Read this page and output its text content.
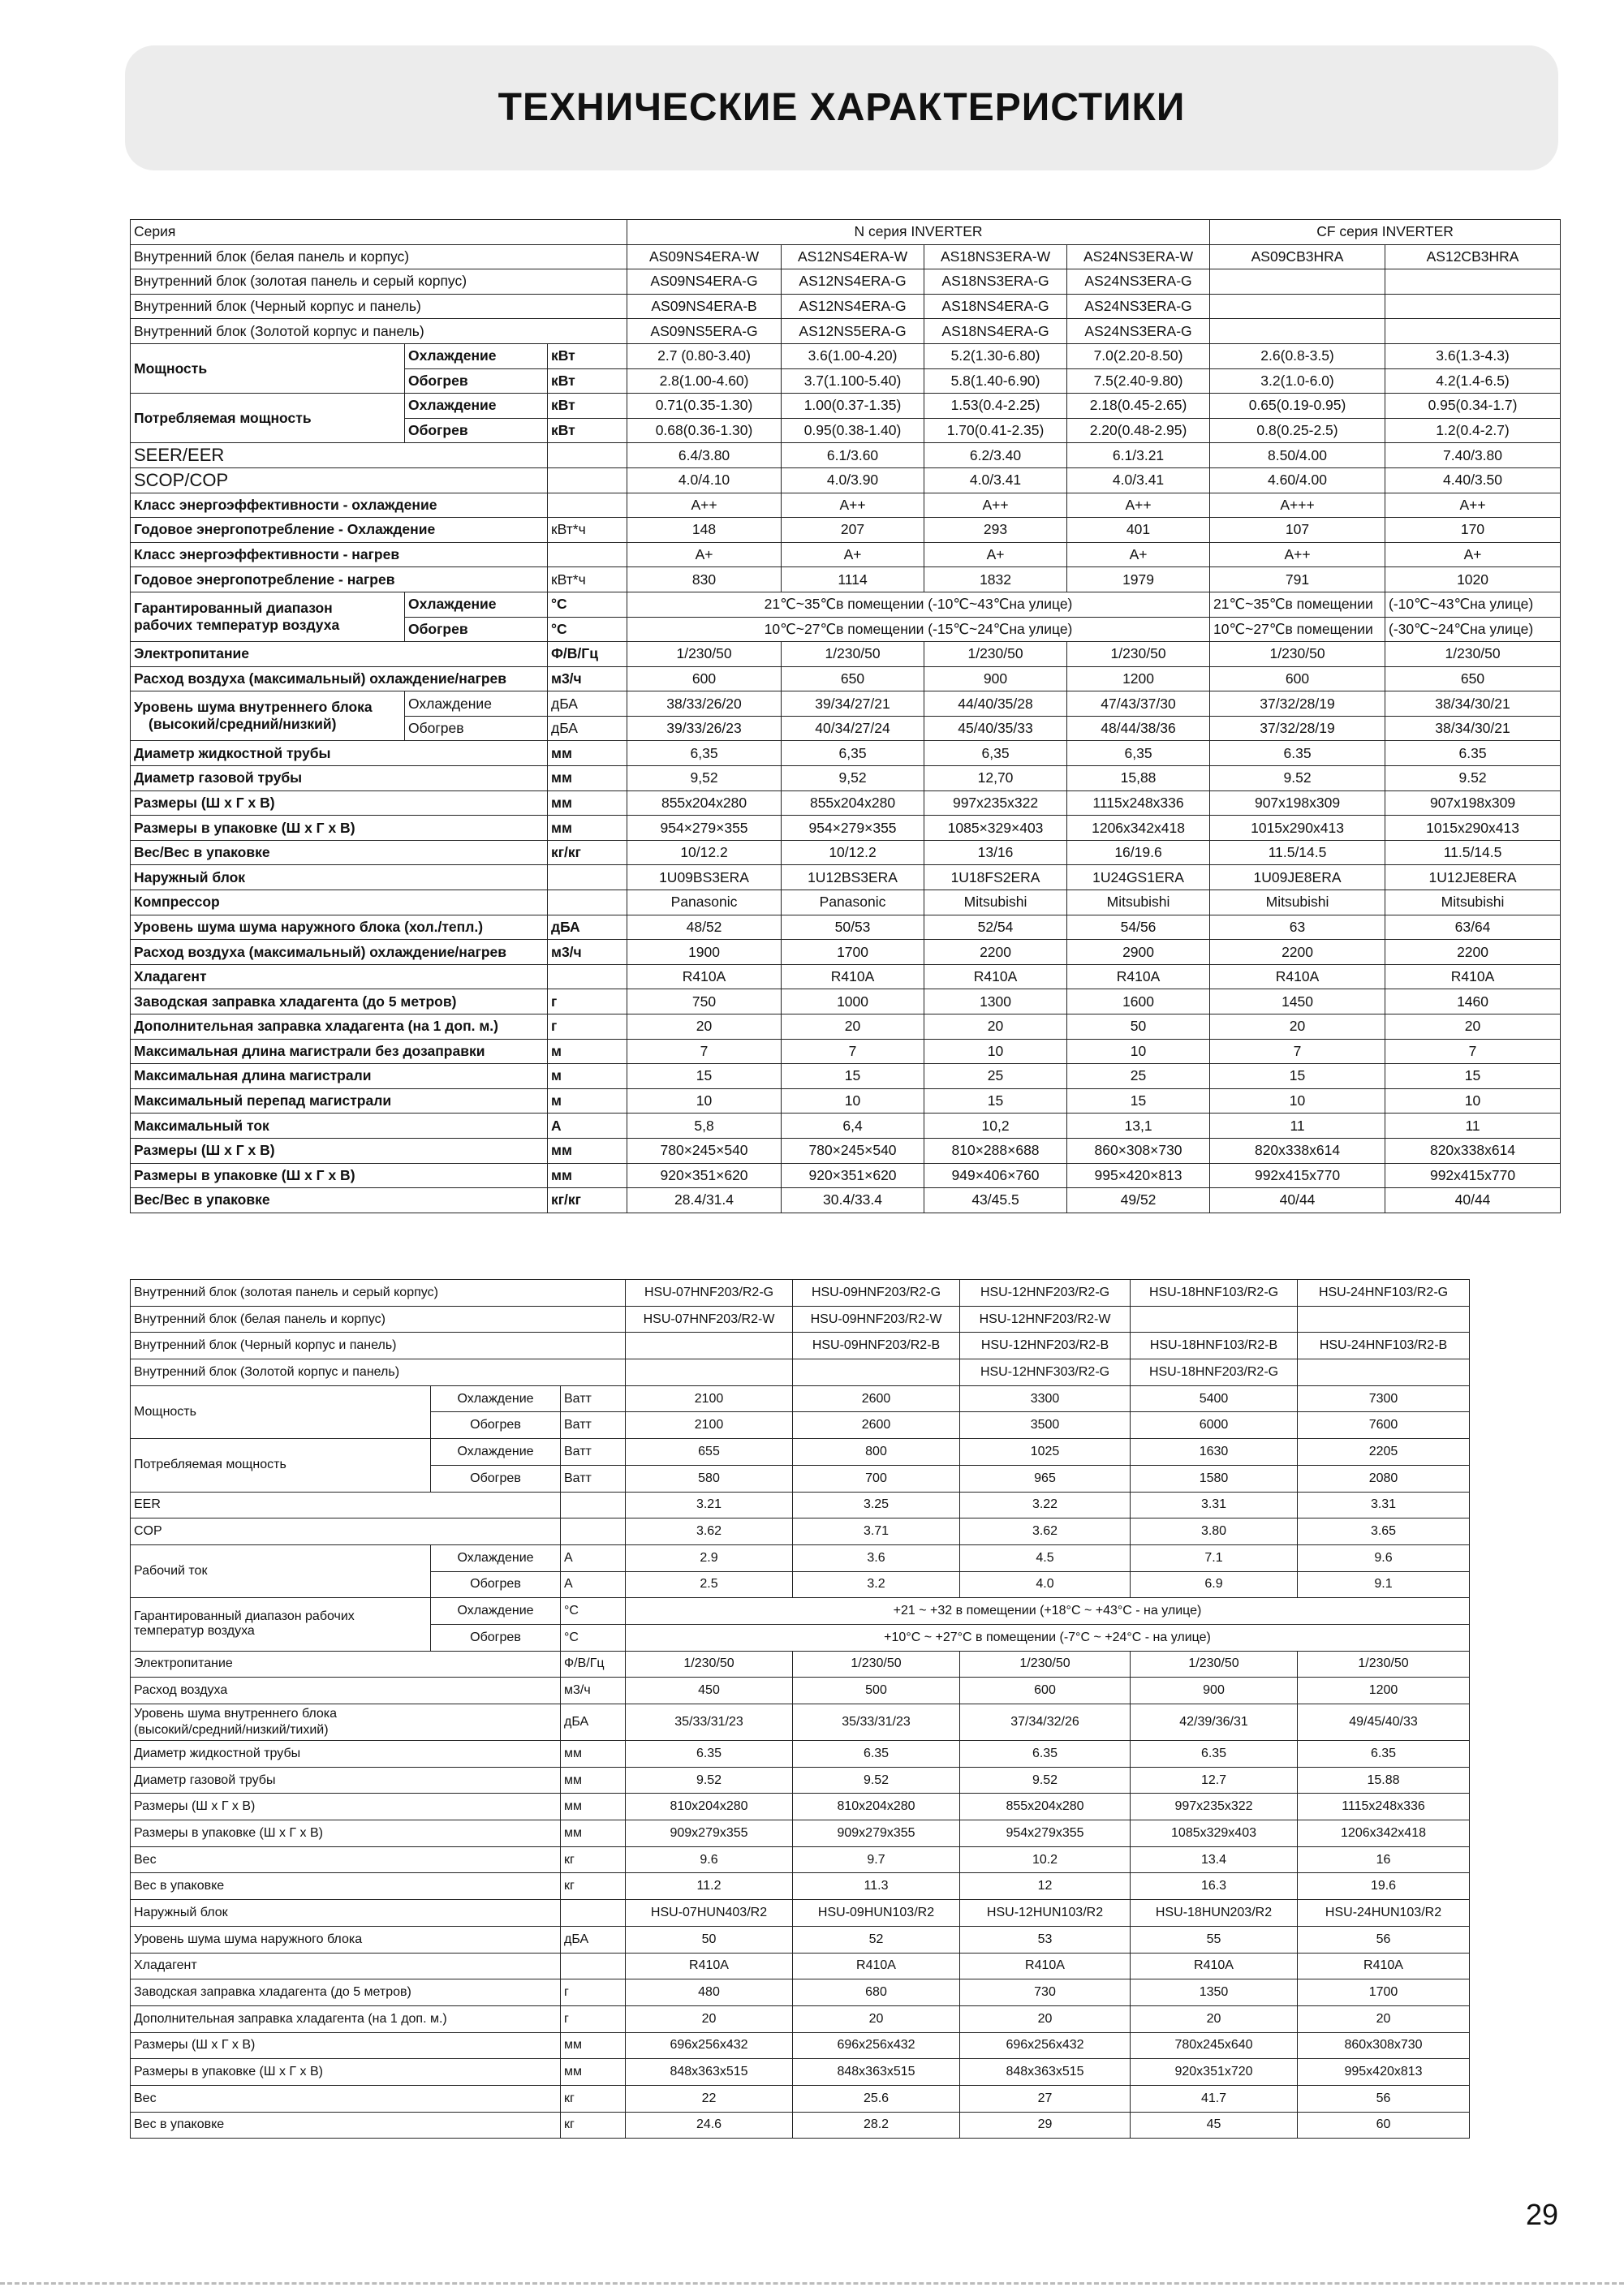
ТЕХНИЧЕСКИЕ ХАРАКТЕРИСТИКИ
Серия			N серия INVERTER				CF серия INVERTER	
Внутренний блок (белая панель и корпус)			AS09NS4ERA-W	AS12NS4ERA-W	AS18NS3ERA-W	AS24NS3ERA-W	AS09CB3HRA	AS12CB3HRA
Внутренний блок (золотая панель и серый корпус)			AS09NS4ERA-G	AS12NS4ERA-G	AS18NS3ERA-G	AS24NS3ERA-G		
Внутренний блок (Черный корпус и панель)			AS09NS4ERA-B	AS12NS4ERA-G	AS18NS4ERA-G	AS24NS3ERA-G		
Внутренний блок (Золотой корпус и панель)			AS09NS5ERA-G	AS12NS5ERA-G	AS18NS4ERA-G	AS24NS3ERA-G		
Мощность	Охлаждение	кВт	2.7 (0.80-3.40)	3.6(1.00-4.20)	5.2(1.30-6.80)	7.0(2.20-8.50)	2.6(0.8-3.5)	3.6(1.3-4.3)
	Обогрев	кВт	2.8(1.00-4.60)	3.7(1.100-5.40)	5.8(1.40-6.90)	7.5(2.40-9.80)	3.2(1.0-6.0)	4.2(1.4-6.5)
Потребляемая мощность	Охлаждение	кВт	0.71(0.35-1.30)	1.00(0.37-1.35)	1.53(0.4-2.25)	2.18(0.45-2.65)	0.65(0.19-0.95)	0.95(0.34-1.7)
	Обогрев	кВт	0.68(0.36-1.30)	0.95(0.38-1.40)	1.70(0.41-2.35)	2.20(0.48-2.95)	0.8(0.25-2.5)	1.2(0.4-2.7)
SEER/EER			6.4/3.80	6.1/3.60	6.2/3.40	6.1/3.21	8.50/4.00	7.40/3.80
SCOP/COP			4.0/4.10	4.0/3.90	4.0/3.41	4.0/3.41	4.60/4.00	4.40/3.50
Класс энергоэффективности - охлаждение			A++	A++	A++	A++	A+++	A++
Годовое энергопотребление - Охлаждение		кВт*ч	148	207	293	401	107	170
Класс энергоэффективности - нагрев			A+	A+	A+	A+	A++	A+
Годовое энергопотребление - нагрев		кВт*ч	830	1114	1832	1979	791	1020

Гарантированный диапазон
рабочих температур воздуха	Охлаждение	°C	21℃~35℃в помещении (-10℃~43℃на улице)				21℃~35℃в помещении	(-10℃~43℃на улице)
	Обогрев	°C	10℃~27℃в помещении (-15℃~24℃на улице)				10℃~27℃в помещении	(-30℃~24℃на улице)
Электропитание		Ф/В/Гц	1/230/50	1/230/50	1/230/50	1/230/50	1/230/50	1/230/50
Расход воздуха (максимальный) охлаждение/нагрев		м3/ч	600	650	900	1200	600	650

Уровень шума внутреннего блока
(высокий/средний/низкий)	Охлаждение	дБА	38/33/26/20	39/34/27/21	44/40/35/28	47/43/37/30	37/32/28/19	38/34/30/21
	Обогрев	дБА	39/33/26/23	40/34/27/24	45/40/35/33	48/44/38/36	37/32/28/19	38/34/30/21
Диаметр жидкостной трубы		мм	6,35	6,35	6,35	6,35	6.35	6.35
Диаметр газовой трубы		мм	9,52	9,52	12,70	15,88	9.52	9.52
Размеры (Ш х Г х В)		мм	855х204х280	855х204х280	997х235х322	1115х248х336	907x198x309	907x198x309
Размеры в упаковке (Ш х Г х В)		мм	954×279×355	954×279×355	1085×329×403	1206х342х418	1015x290x413	1015x290x413
Вес/Вес в упаковке		кг/кг	10/12.2	10/12.2	13/16	16/19.6	11.5/14.5	11.5/14.5
Наружный блок			1U09BS3ERA	1U12BS3ERA	1U18FS2ERA	1U24GS1ERA	1U09JE8ERA	1U12JE8ERA
Компрессор			Panasonic	Panasonic	Mitsubishi	Mitsubishi	Mitsubishi	Mitsubishi
Уровень шума шума наружного блока (хол./тепл.)		дБА	48/52	50/53	52/54	54/56	63	63/64
Расход воздуха (максимальный) охлаждение/нагрев		м3/ч	1900	1700	2200	2900	2200	2200
Хладагент			R410A	R410A	R410A	R410A	R410A	R410A
Заводская заправка хладагента (до 5 метров)		г	750	1000	1300	1600	1450	1460
Дополнительная заправка хладагента (на 1 доп. м.)		г	20	20	20	50	20	20
Максимальная длина магистрали без дозаправки		м	7	7	10	10	7	7
Максимальная длина магистрали		м	15	15	25	25	15	15
Максимальный перепад магистрали		м	10	10	15	15	10	10
Максимальный ток		А	5,8	6,4	10,2	13,1	11	11
Размеры (Ш х Г х В)		мм	780×245×540	780×245×540	810×288×688	860×308×730	820x338x614	820x338x614
Размеры в упаковке (Ш х Г х В)		мм	920×351×620	920×351×620	949×406×760	995×420×813	992x415x770	992x415x770
Вес/Вес в упаковке		кг/кг	28.4/31.4	30.4/33.4	43/45.5	49/52	40/44	40/44
Внутренний блок (золотая панель и серый корпус)			HSU-07HNF203/R2-G	HSU-09HNF203/R2-G	HSU-12HNF203/R2-G	HSU-18HNF103/R2-G	HSU-24HNF103/R2-G
Внутренний блок (белая панель и корпус)			HSU-07HNF203/R2-W	HSU-09HNF203/R2-W	HSU-12HNF203/R2-W		
Внутренний блок (Черный корпус и панель)				HSU-09HNF203/R2-B	HSU-12HNF203/R2-B	HSU-18HNF103/R2-B	HSU-24HNF103/R2-B
Внутренний блок (Золотой корпус и панель)					HSU-12HNF303/R2-G	HSU-18HNF203/R2-G	
Мощность	Охлаждение	Ватт	2100	2600	3300	5400	7300
	Обогрев	Ватт	2100	2600	3500	6000	7600
Потребляемая мощность	Охлаждение	Ватт	655	800	1025	1630	2205
	Обогрев	Ватт	580	700	965	1580	2080
EER			3.21	3.25	3.22	3.31	3.31
COP			3.62	3.71	3.62	3.80	3.65
Рабочий ток	Охлаждение	А	2.9	3.6	4.5	7.1	9.6
	Обогрев	А	2.5	3.2	4.0	6.9	9.1

Гарантированный диапазон рабочих
температур воздуха	Охлаждение	°C	+21 ~ +32 в помещении (+18°С ~ +43°С - на улице)				
	Обогрев	°C	+10°С ~ +27°С в помещении (-7°С ~ +24°С - на улице)				
Электропитание		Ф/В/Гц	1/230/50	1/230/50	1/230/50	1/230/50	1/230/50
Расход воздуха		м3/ч	450	500	600	900	1200

Уровень шума внутреннего блока
(высокий/средний/низкий/тихий)		дБА	35/33/31/23	35/33/31/23	37/34/32/26	42/39/36/31	49/45/40/33
Диаметр жидкостной трубы		мм	6.35	6.35	6.35	6.35	6.35
Диаметр газовой трубы		мм	9.52	9.52	9.52	12.7	15.88
Размеры (Ш х Г х В)		мм	810x204x280	810x204x280	855x204x280	997x235x322	1115x248x336
Размеры в упаковке (Ш х Г х В)		мм	909x279x355	909x279x355	954x279x355	1085x329x403	1206x342x418
Вес		кг	9.6	9.7	10.2	13.4	16
Вес в упаковке		кг	11.2	11.3	12	16.3	19.6
Наружный блок			HSU-07HUN403/R2	HSU-09HUN103/R2	HSU-12HUN103/R2	HSU-18HUN203/R2	HSU-24HUN103/R2
Уровень шума шума наружного блока		дБА	50	52	53	55	56
Хладагент			R410A	R410A	R410A	R410A	R410A
Заводская заправка хладагента (до 5 метров)		г	480	680	730	1350	1700
Дополнительная заправка хладагента (на 1 доп. м.)		г	20	20	20	20	20
Размеры (Ш х Г х В)		мм	696x256x432	696x256x432	696x256x432	780x245x640	860x308x730
Размеры в упаковке (Ш х Г х В)		мм	848x363x515	848x363x515	848x363x515	920x351x720	995x420x813
Вес		кг	22	25.6	27	41.7	56
Вес в упаковке		кг	24.6	28.2	29	45	60
29
